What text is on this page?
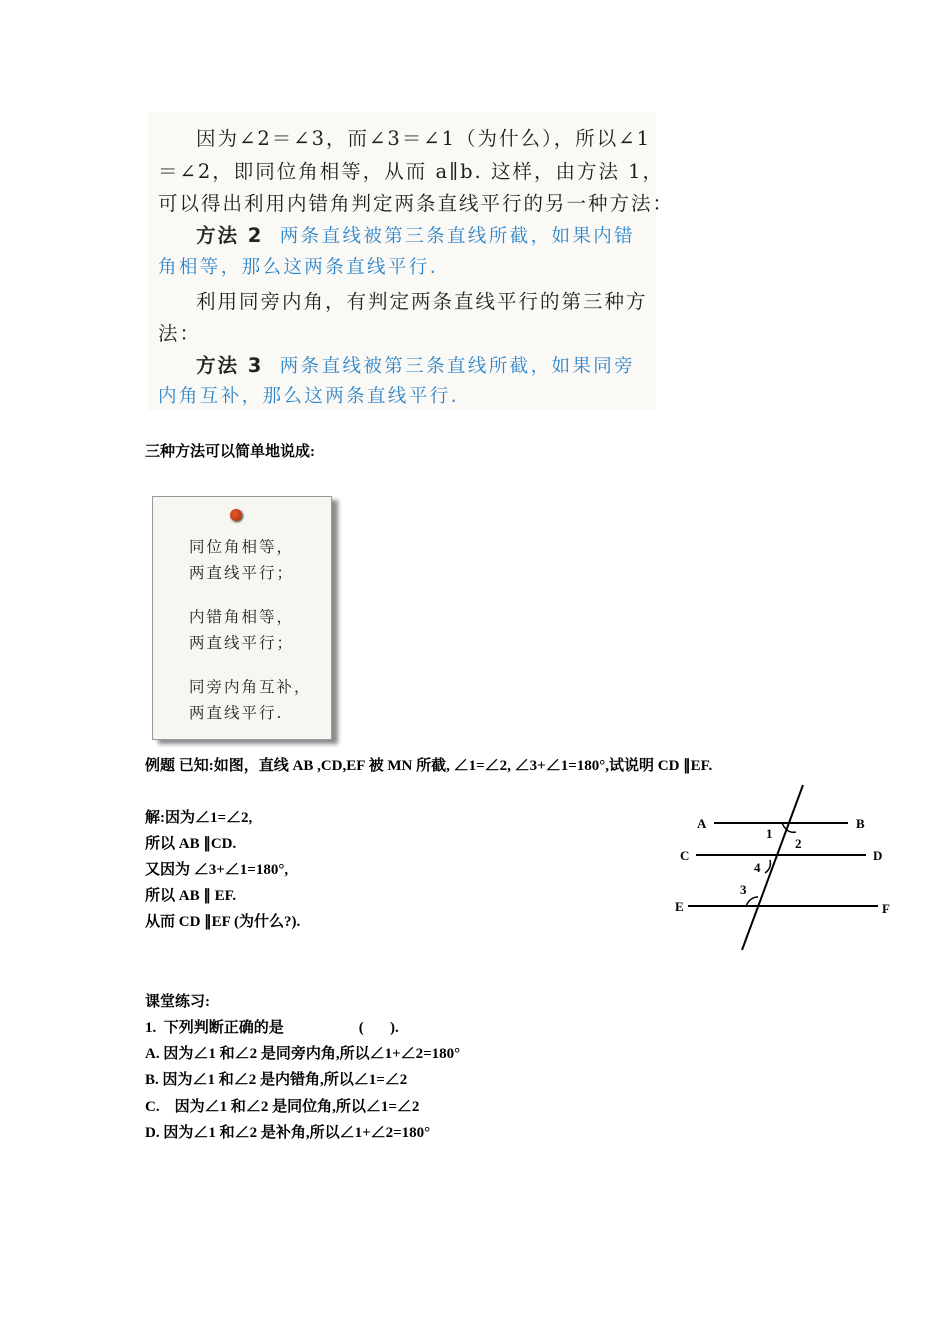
因为∠2＝∠3，而∠3＝∠1（为什么），所以∠1
＝∠2，即同位角相等，从而 a∥b. 这样，由方法 1，
可以得出利用内错角判定两条直线平行的另一种方法：
方法 2 两条直线被第三条直线所截，如果内错
角相等，那么这两条直线平行.
利用同旁内角，有判定两条直线平行的第三种方
法：
方法 3 两条直线被第三条直线所截，如果同旁
内角互补，那么这两条直线平行.
三种方法可以简单地说成:
同位角相等，
两直线平行；
内错角相等，
两直线平行；
同旁内角互补，
两直线平行.
例题 已知:如图，直线 AB ,CD,EF 被 MN 所截, ∠1=∠2, ∠3+∠1=180°,试说明 CD ∥EF.
解:因为∠1=∠2,
所以 AB ∥CD.
又因为 ∠3+∠1=180°,
所以 AB ∥ EF.
从而 CD ∥EF (为什么?).
A	B
C	D
E	F
1
2
4
3
课堂练习:
1.  下列判断正确的是                    (       ).
A. 因为∠1 和∠2 是同旁内角,所以∠1+∠2=180°
B. 因为∠1 和∠2 是内错角,所以∠1=∠2
C.    因为∠1 和∠2 是同位角,所以∠1=∠2
D. 因为∠1 和∠2 是补角,所以∠1+∠2=180°
